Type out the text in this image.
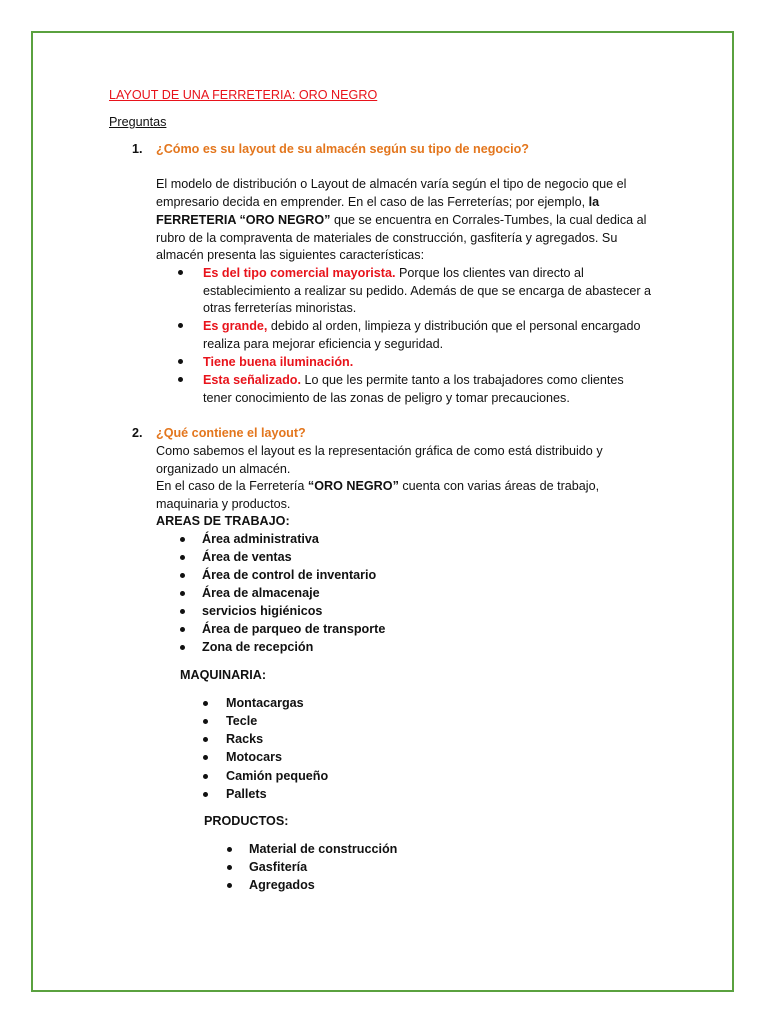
LAYOUT DE UNA FERRETERIA: ORO NEGRO
Preguntas
1. ¿Cómo es su layout de su almacén según su tipo de negocio?
El modelo de distribución o Layout de almacén varía según el tipo de negocio que el
empresario decida en emprender. En el caso de las Ferreterías; por ejemplo, la
FERRETERIA “ORO NEGRO” que se encuentra en Corrales-Tumbes, la cual dedica al
rubro de la compraventa de materiales de construcción, gasfitería y agregados. Su
almacén presenta las siguientes características:
Es del tipo comercial mayorista. Porque los clientes van directo al
establecimiento a realizar su pedido. Además de que se encarga de abastecer a
otras ferreterías minoristas.
Es grande, debido al orden, limpieza y distribución que el personal encargado
realiza para mejorar eficiencia y seguridad.
Tiene buena iluminación.
Esta señalizado. Lo que les permite tanto a los trabajadores como clientes
tener conocimiento de las zonas de peligro y tomar precauciones.
2. ¿Qué contiene el layout?
Como sabemos el layout es la representación gráfica de como está distribuido y
organizado un almacén.
En el caso de la Ferretería “ORO NEGRO” cuenta con varias áreas de trabajo,
maquinaria y productos.
AREAS DE TRABAJO:
Área administrativa
Área de ventas
Área de control de inventario
Área de almacenaje
servicios higiénicos
Área de parqueo de transporte
Zona de recepción
MAQUINARIA:
Montacargas
Tecle
Racks
Motocars
Camión pequeño
Pallets
PRODUCTOS:
Material de construcción
Gasfitería
Agregados
